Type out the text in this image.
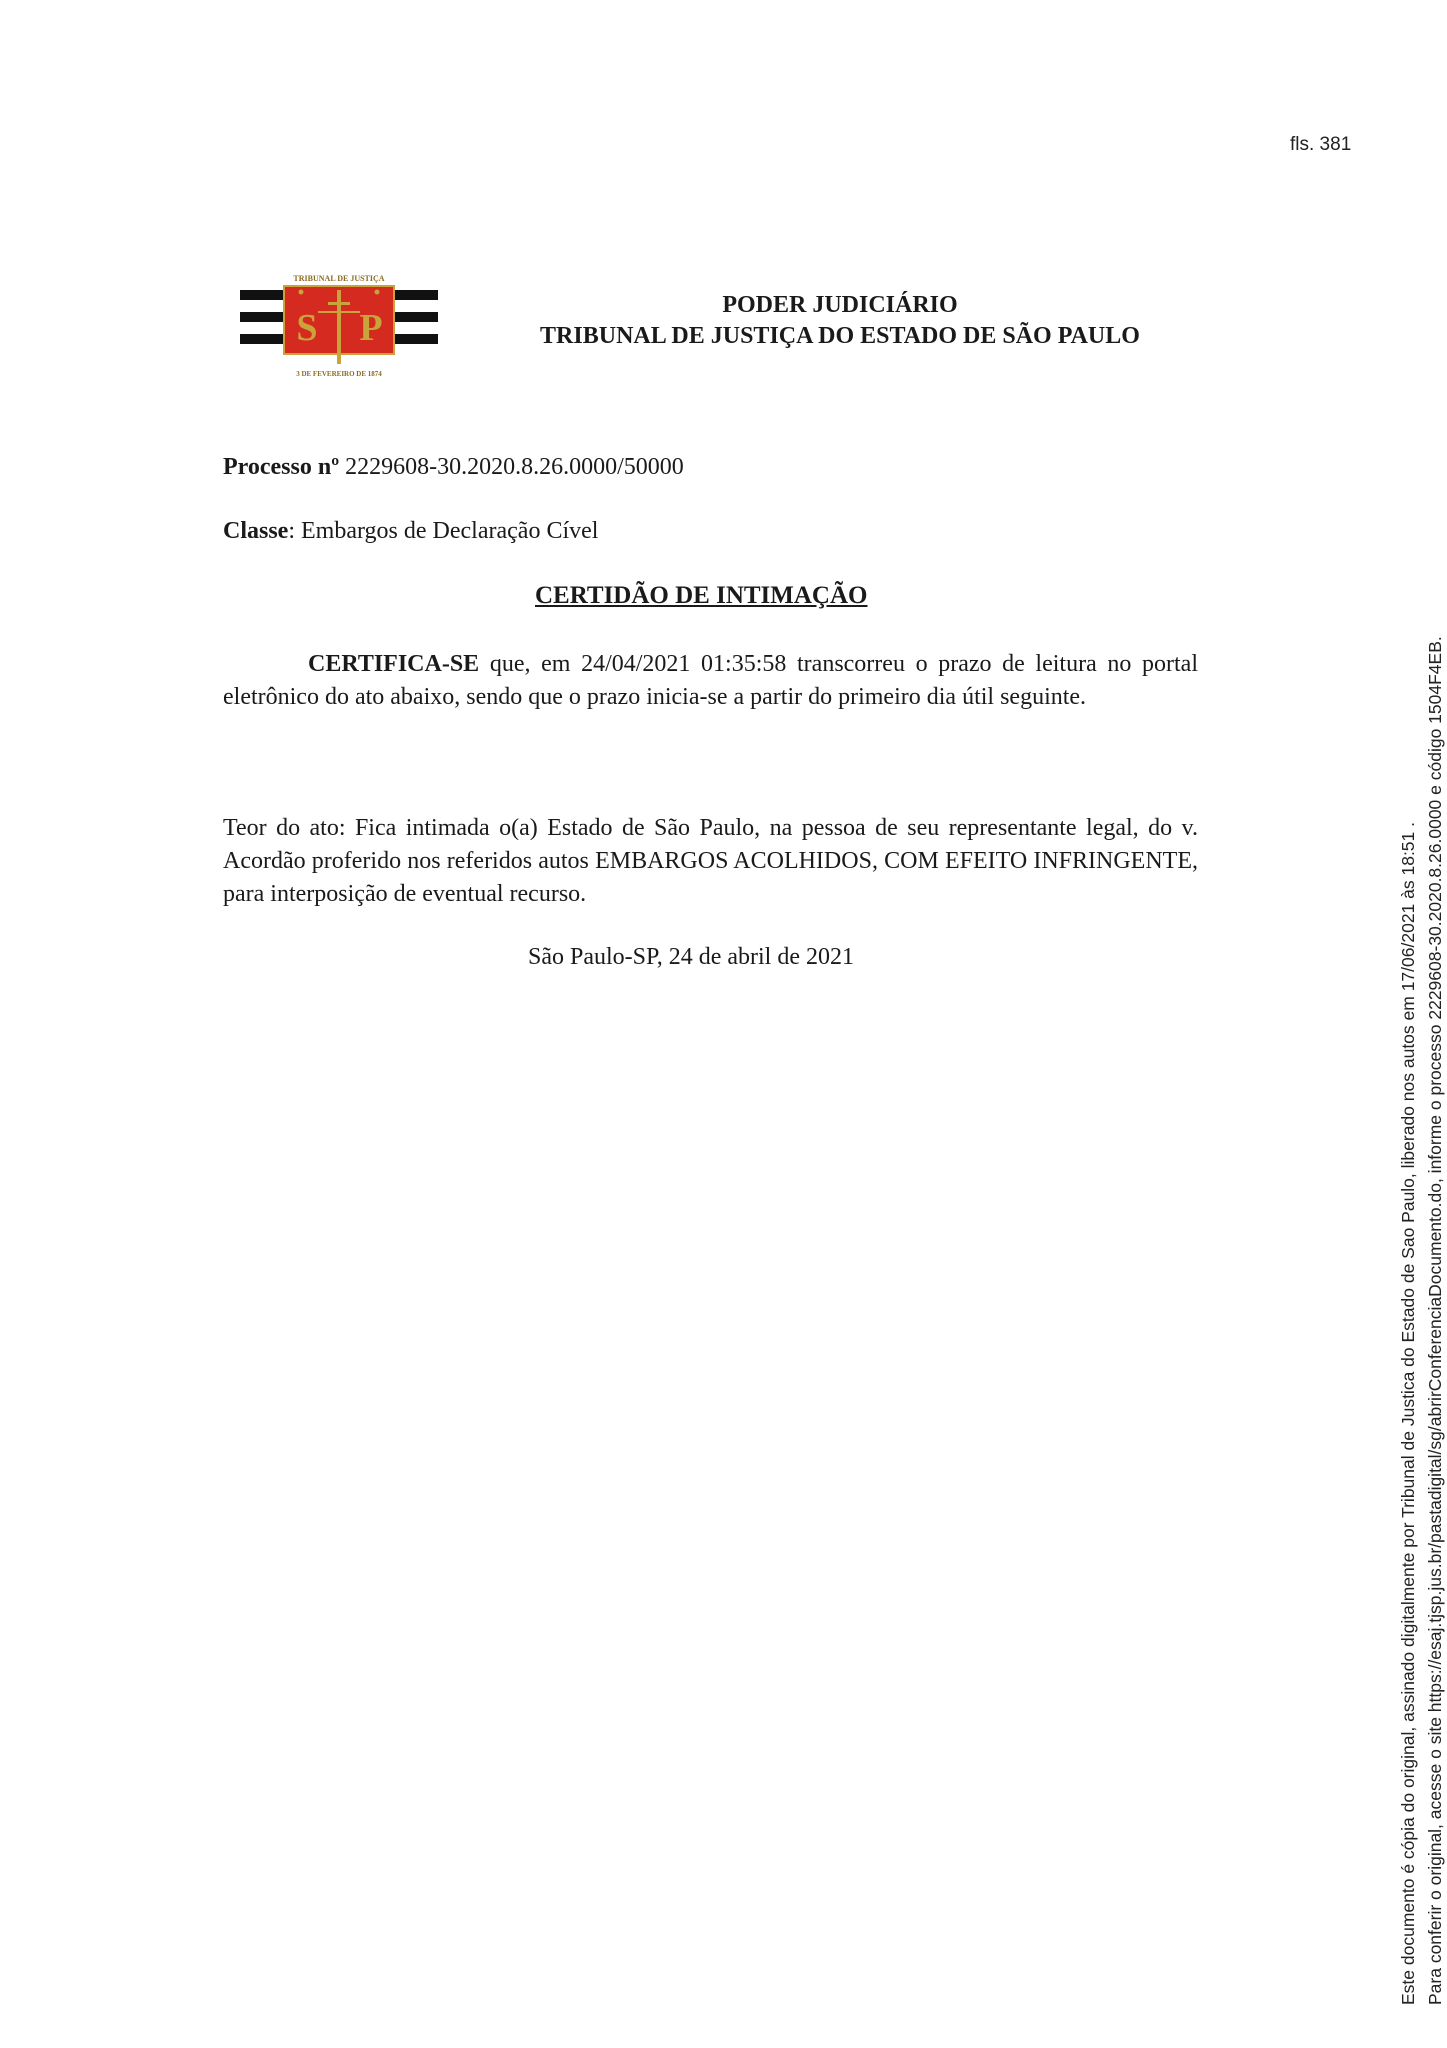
fls. 381
S P
TRIBUNAL DE JUSTIÇA
3 DE FEVEREIRO DE 1874
PODER JUDICIÁRIO
TRIBUNAL DE JUSTIÇA DO ESTADO DE SÃO PAULO
Processo nº 2229608-30.2020.8.26.0000/50000
Classe: Embargos de Declaração Cível
CERTIDÃO DE INTIMAÇÃO
CERTIFICA-SE que, em 24/04/2021 01:35:58 transcorreu o prazo de leitura no portal eletrônico do ato abaixo, sendo que o prazo inicia-se a partir do primeiro dia útil seguinte.
Teor do ato: Fica intimada o(a) Estado de São Paulo, na pessoa de seu representante legal, do v. Acordão proferido nos referidos autos EMBARGOS ACOLHIDOS, COM EFEITO INFRINGENTE, para interposição de eventual recurso.
São Paulo-SP, 24 de abril de 2021	Este documento é cópia do original, assinado digitalmente por Tribunal de Justica do Estado de Sao Paulo, liberado nos autos em 17/06/2021 às 18:51 . Para conferir o original, acesse o site https://esaj.tjsp.jus.br/pastadigital/sg/abrirConferenciaDocumento.do, informe o processo 2229608-30.2020.8.26.0000 e código 1504F4EB.
